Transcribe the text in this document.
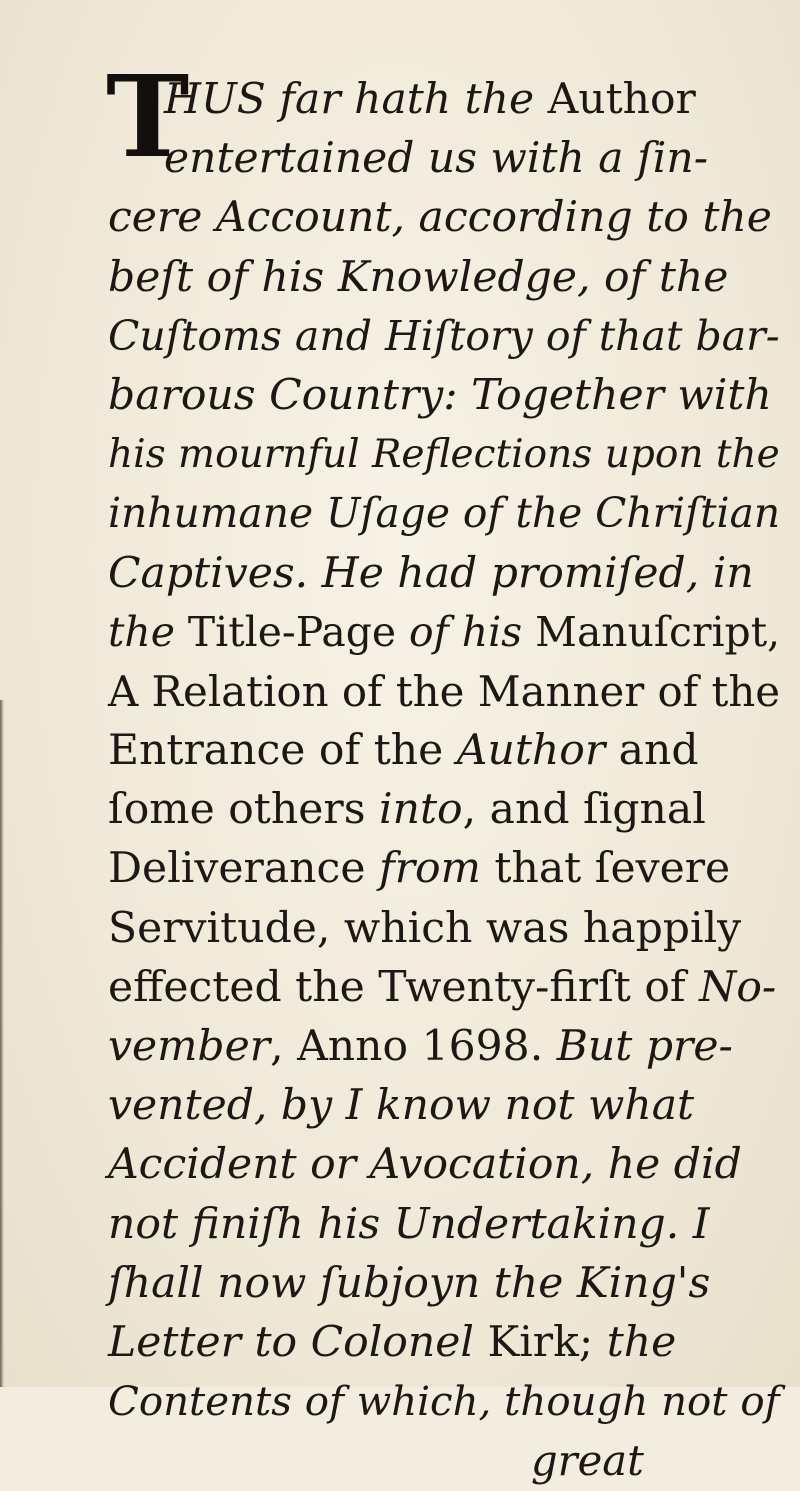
T
HUS far hath the Author
entertained us with a ſin-
cere Account, according to the
beſt of his Knowledge, of the
Cuſtoms and Hiſtory of that bar-
barous Country: Together with
his mournful Reflections upon the
inhumane Uſage of the Chriſtian
Captives. He had promiſed, in
the Title-Page of his Manuſcript,
A Relation of the Manner of the
Entrance of the Author and
ſome others into, and ſignal
Deliverance from that ſevere
Servitude, which was happily
effected the Twenty-firſt of No-
vember, Anno 1698. But pre-
vented, by I know not what
Accident or Avocation, he did
not finiſh his Undertaking. I
ſhall now ſubjoyn the King's
Letter to Colonel Kirk; the
Contents of which, though not of
great
